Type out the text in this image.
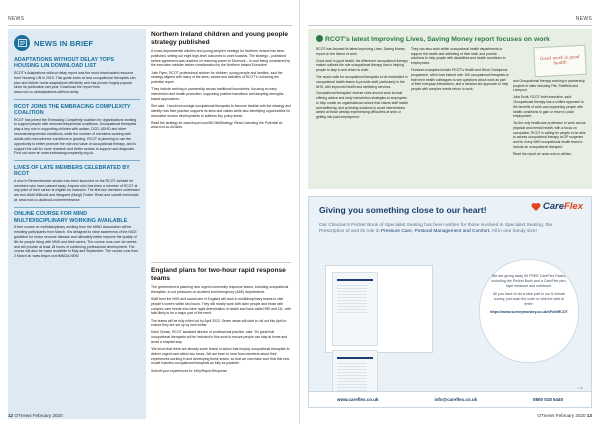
NEWS
NEWS IN BRIEF
ADAPTATIONS WITHOUT DELAY TOPS HOUSING LIN DOWNLOAD LIST
RCOT's Adaptations without delay report was the most downloaded resource from Housing LIN in 2019. This guide looks at how occupational therapists can plan and deliver home adaptations efficiently and has proven hugely popular since its publication last year. Download the report from www.rcot.co.uk/adaptations-without-delay.
RCOT JOINS THE EMBRACING COMPLEXITY COALITION
RCOT has joined the Embracing Complexity coalition for organisations working to support people with neurodevelopmental conditions. Occupational therapists play a key role in supporting children with autism, DCD, ADHD and other neurodevelopmental conditions, while the number of members working with adults with neurodiverse conditions is growing. RCOT is planning to use the opportunity to better promote the role and value of occupational therapy, and to support the call for more research and better access to support and diagnosis. Find out more at: www.embracingcomplexity.org.uk.
LIVES OF LATE MEMBERS CELEBRATED BY RCOT
A new In Remembrance section has been launched on the RCOT website for members who have passed away. Anyone who has been a member of RCOT at any point of their career is eligible for inclusion. The first two members celebrated are Ann Allott Willcock and Margaret (Margi) Foster. Read and submit memorials at: www.rcot.co.uk/about-us/remembrance.
ONLINE COURSE FOR MIND MULTIDISCIPLINARY WORKING AVAILABLE
A free course on multidisciplinary working from the MIND Association will be enrolling participants from March. It is designed to raise awareness of the NICE guideline for motor neurone disease and ultimately better improve the quality of life for people living with MND and their carers. The course runs over six weeks and will provide at least 18 hours of continuing professional development. The course will also be made available in May and September. The course runs from 2 March at: www.tinyurl.com/MNDA-NEW.
Northern Ireland children and young people strategy published

A cross-departmental children and young people's strategy for Northern Ireland has been published, setting out eight high-level outcomes to work towards. The strategy – published before agreement was reached on restoring power to Stormont – is now being considered by the executive minister before consideration by the Northern Ireland Executive.

Julie Flynn, RCOT professional adviser for children, young people and families, said the strategy aligned with many of the aims, values and activities of RCOT's Unlocking the potential report.

'They include working in partnership across traditional boundaries, focusing on early intervention and health promotion, supporting positive transitions and adopting strengths-based approaches.'

She said: 'I would encourage occupational therapists to become familiar with the strategy and identify how their practice supports its aims and values while also identifying opportunities for innovative service developments to address key policy areas.'

Read the strategy at: www.tinyurl.com/NIChildStrategy. Read Unlocking the Potential at: www.rcot.co.uk/ulots.

England plans for two-hour rapid response teams

The government is planning new urgent community response teams, including occupational therapists, to cut pressures on accident and emergency (A&E) departments.

Staff from the NHS and social care in England will work in multidisciplinary teams to visit people's homes within two hours. They will mostly work with older people and those with complex care needs who have rapid deterioration in health and have called 999 and 111, with falls likely to be a major part of the remit.

The teams will be fully rolled out by April 2022. Seven areas will start to roll out this April to ensure they are set up by next winter.

Karin Orman, RCOT assistant director of professional practice, said: 'It's great that occupational therapists will be included in this work to ensure people can stay at home and avoid a hospital stay.

'We know that there are already some teams in action that employ occupational therapists to deliver urgent care within two hours. We are keen to hear from members about their experiences working in and developing these teams, so that we can make sure that this new model includes occupational therapists as fully as possible.'

Submit your experiences to: bit.ly/Rapid-Response

12 OTnews February 2020
NEWS
OTnews February 2020 13
RCOT's latest Improving Lives, Saving Money report focuses on work

RCOT has focused its latest Improving Lives, Saving Money report on the theme of work.

Good work is good health: the difference occupational therapy makes outlines the role occupational therapy has in helping people to stay in and return to work.

The report calls for occupational therapists to be embedded in occupational health teams to provide staff, particularly in the NHS, with improved health and wellbeing services.

Occupational therapists' diverse roles around work include offering advice and early intervention strategies to employees to help create an organisational culture that values staff health and wellbeing, and providing solutions to avoid interventions aimed at those already experiencing difficulties at work or getting into paid employment.

They can also work within occupational health departments to support the health and wellbeing of their staff, and provide solutions to help people with disabilities and health conditions in employment.

Featured examples include RCOT's Health and Work Champions programme, which has trained over 100 occupational therapists to train their health colleagues to see questions about work as part of their everyday interactions, and a clinician-led approach to help people with complex needs return to work.

Good work is good health

and Occupational therapy working in partnership projects in sites including Fife, Sheffield and Liverpool.

Julia Scott, RCOT chief executive, said: 'Occupational therapy has a unified approach to the benefits of work and supporting people with health conditions to gain or return to paid employment.

'As the only healthcare profession to work across physical and mental health, with a focus on occupation, RCOT is calling for people to be able to access occupational therapy at GP surgeries and for every NHS occupational health team to include an occupational therapist.'

Read the report at: www.rcot.co.uk/ilsm.

Giving you something close to our heart!	CareFlex
Our Clinician's Pocket Book of Specialist Seating has been written for those involved in Specialist Seating, the Prescription of and its role in Pressure Care, Postural Management and Comfort. All in one handy size!

We are giving away 50 FREE CareFlex Packs, including the Pocket Book and a CareFlex pen, tape measure and notebook.

All you have to do is take part in our 5 minute survey, just scan the code or visit the web to enter:

https://www.surveymonkey.co.uk/r/FolhRCOT

0.00
www.careflex.co.uk	info@careflex.co.uk	0800 018 5440
